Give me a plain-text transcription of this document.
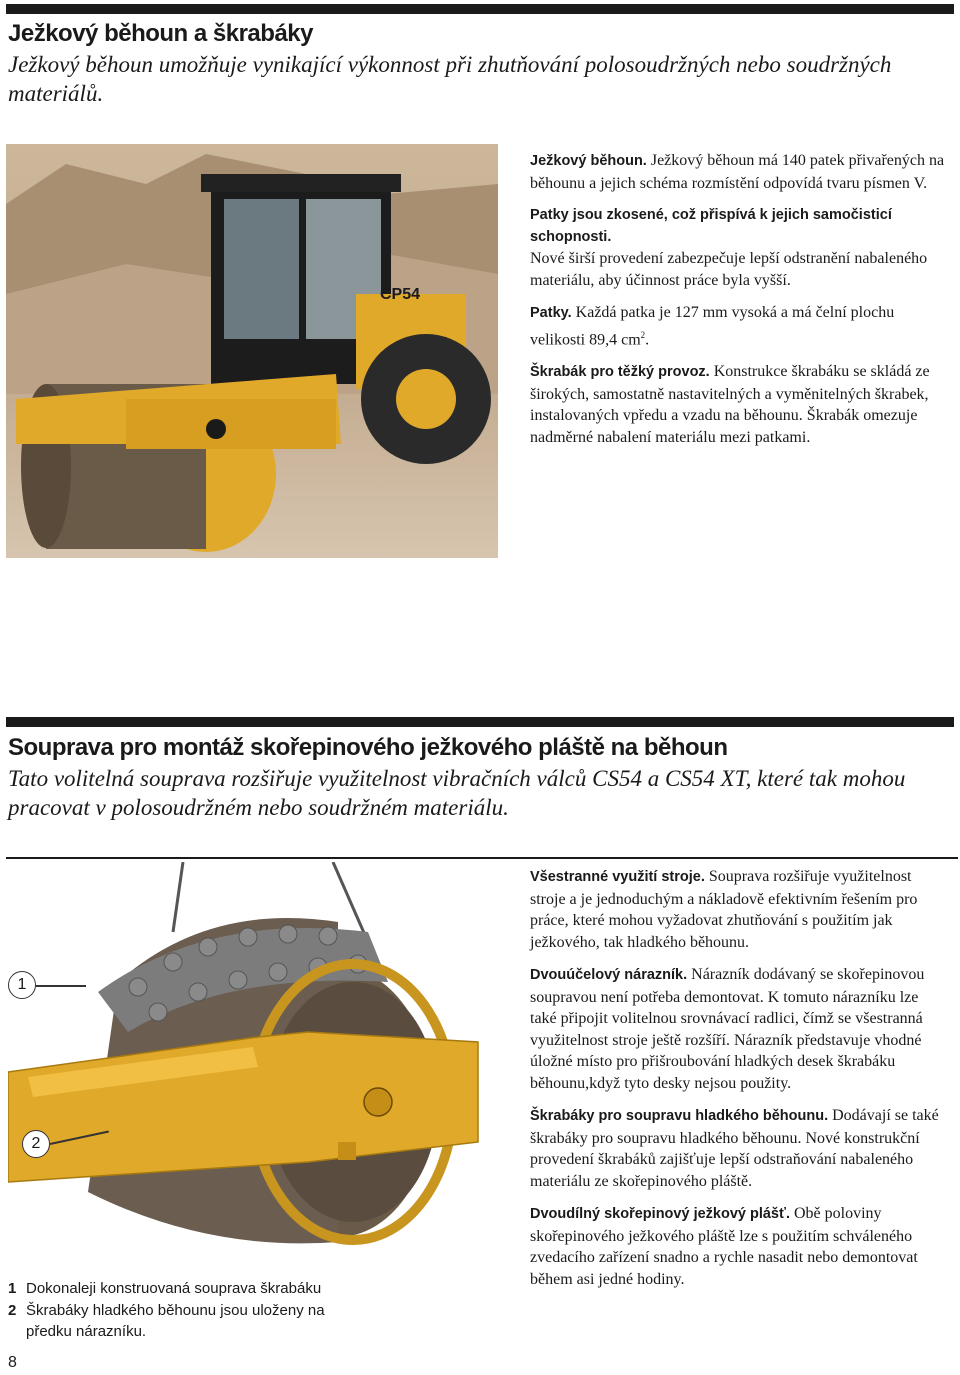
Ježkový běhoun a škrabáky

Ježkový běhoun umožňuje vynikající výkonnost při zhutňování polosoudržných nebo soudržných materiálů.

CP54

Ježkový běhoun. Ježkový běhoun má 140 patek přivařených na běhounu a jejich schéma rozmístění odpovídá tvaru písmen V.

Patky jsou zkosené, což přispívá k jejich samočisticí schopnosti.
Nové širší provedení zabezpečuje lepší odstranění nabaleného materiálu, aby účinnost práce byla vyšší.

Patky. Každá patka je 127 mm vysoká a má čelní plochu velikosti 89,4 $cm^2$.

Škrabák pro těžký provoz. Konstrukce škrabáku se skládá ze širokých, samostatně nastavitelných a vyměnitelných škrabek, instalovaných vpředu a vzadu na běhounu. Škrabák omezuje nadměrné nabalení materiálu mezi patkami.

Souprava pro montáž skořepinového ježkového pláště na běhoun

Tato volitelná souprava rozšiřuje využitelnost vibračních válců CS54 a CS54 XT, které tak mohou pracovat v polosoudržném nebo soudržném materiálu.

1
2

Všestranné využití stroje. Souprava rozšiřuje využitelnost stroje a je jednoduchým a nákladově efektivním řešením pro práce, které mohou vyžadovat zhutňování s použitím jak ježkového, tak hladkého běhounu.

Dvouúčelový nárazník. Nárazník dodávaný se skořepinovou soupravou není potřeba demontovat. K tomuto nárazníku lze také připojit volitelnou srovnávací radlici, čímž se všestranná využitelnost stroje ještě rozšíří. Nárazník představuje vhodné úložné místo pro přišroubování hladkých desek škrabáku běhounu,když tyto desky nejsou použity.

Škrabáky pro soupravu hladkého běhounu. Dodávají se také škrabáky pro soupravu hladkého běhounu. Nové konstrukční provedení škrabáků zajišťuje lepší odstraňování nabaleného materiálu ze skořepinového pláště.

Dvoudílný skořepinový ježkový plášť. Obě poloviny skořepinového ježkového pláště lze s použitím schváleného zvedacího zařízení snadno a rychle nasadit nebo demontovat během asi jedné hodiny.

1 Dokonaleji konstruovaná souprava škrabáku
2 Škrabáky hladkého běhounu jsou uloženy na předku nárazníku.
8
